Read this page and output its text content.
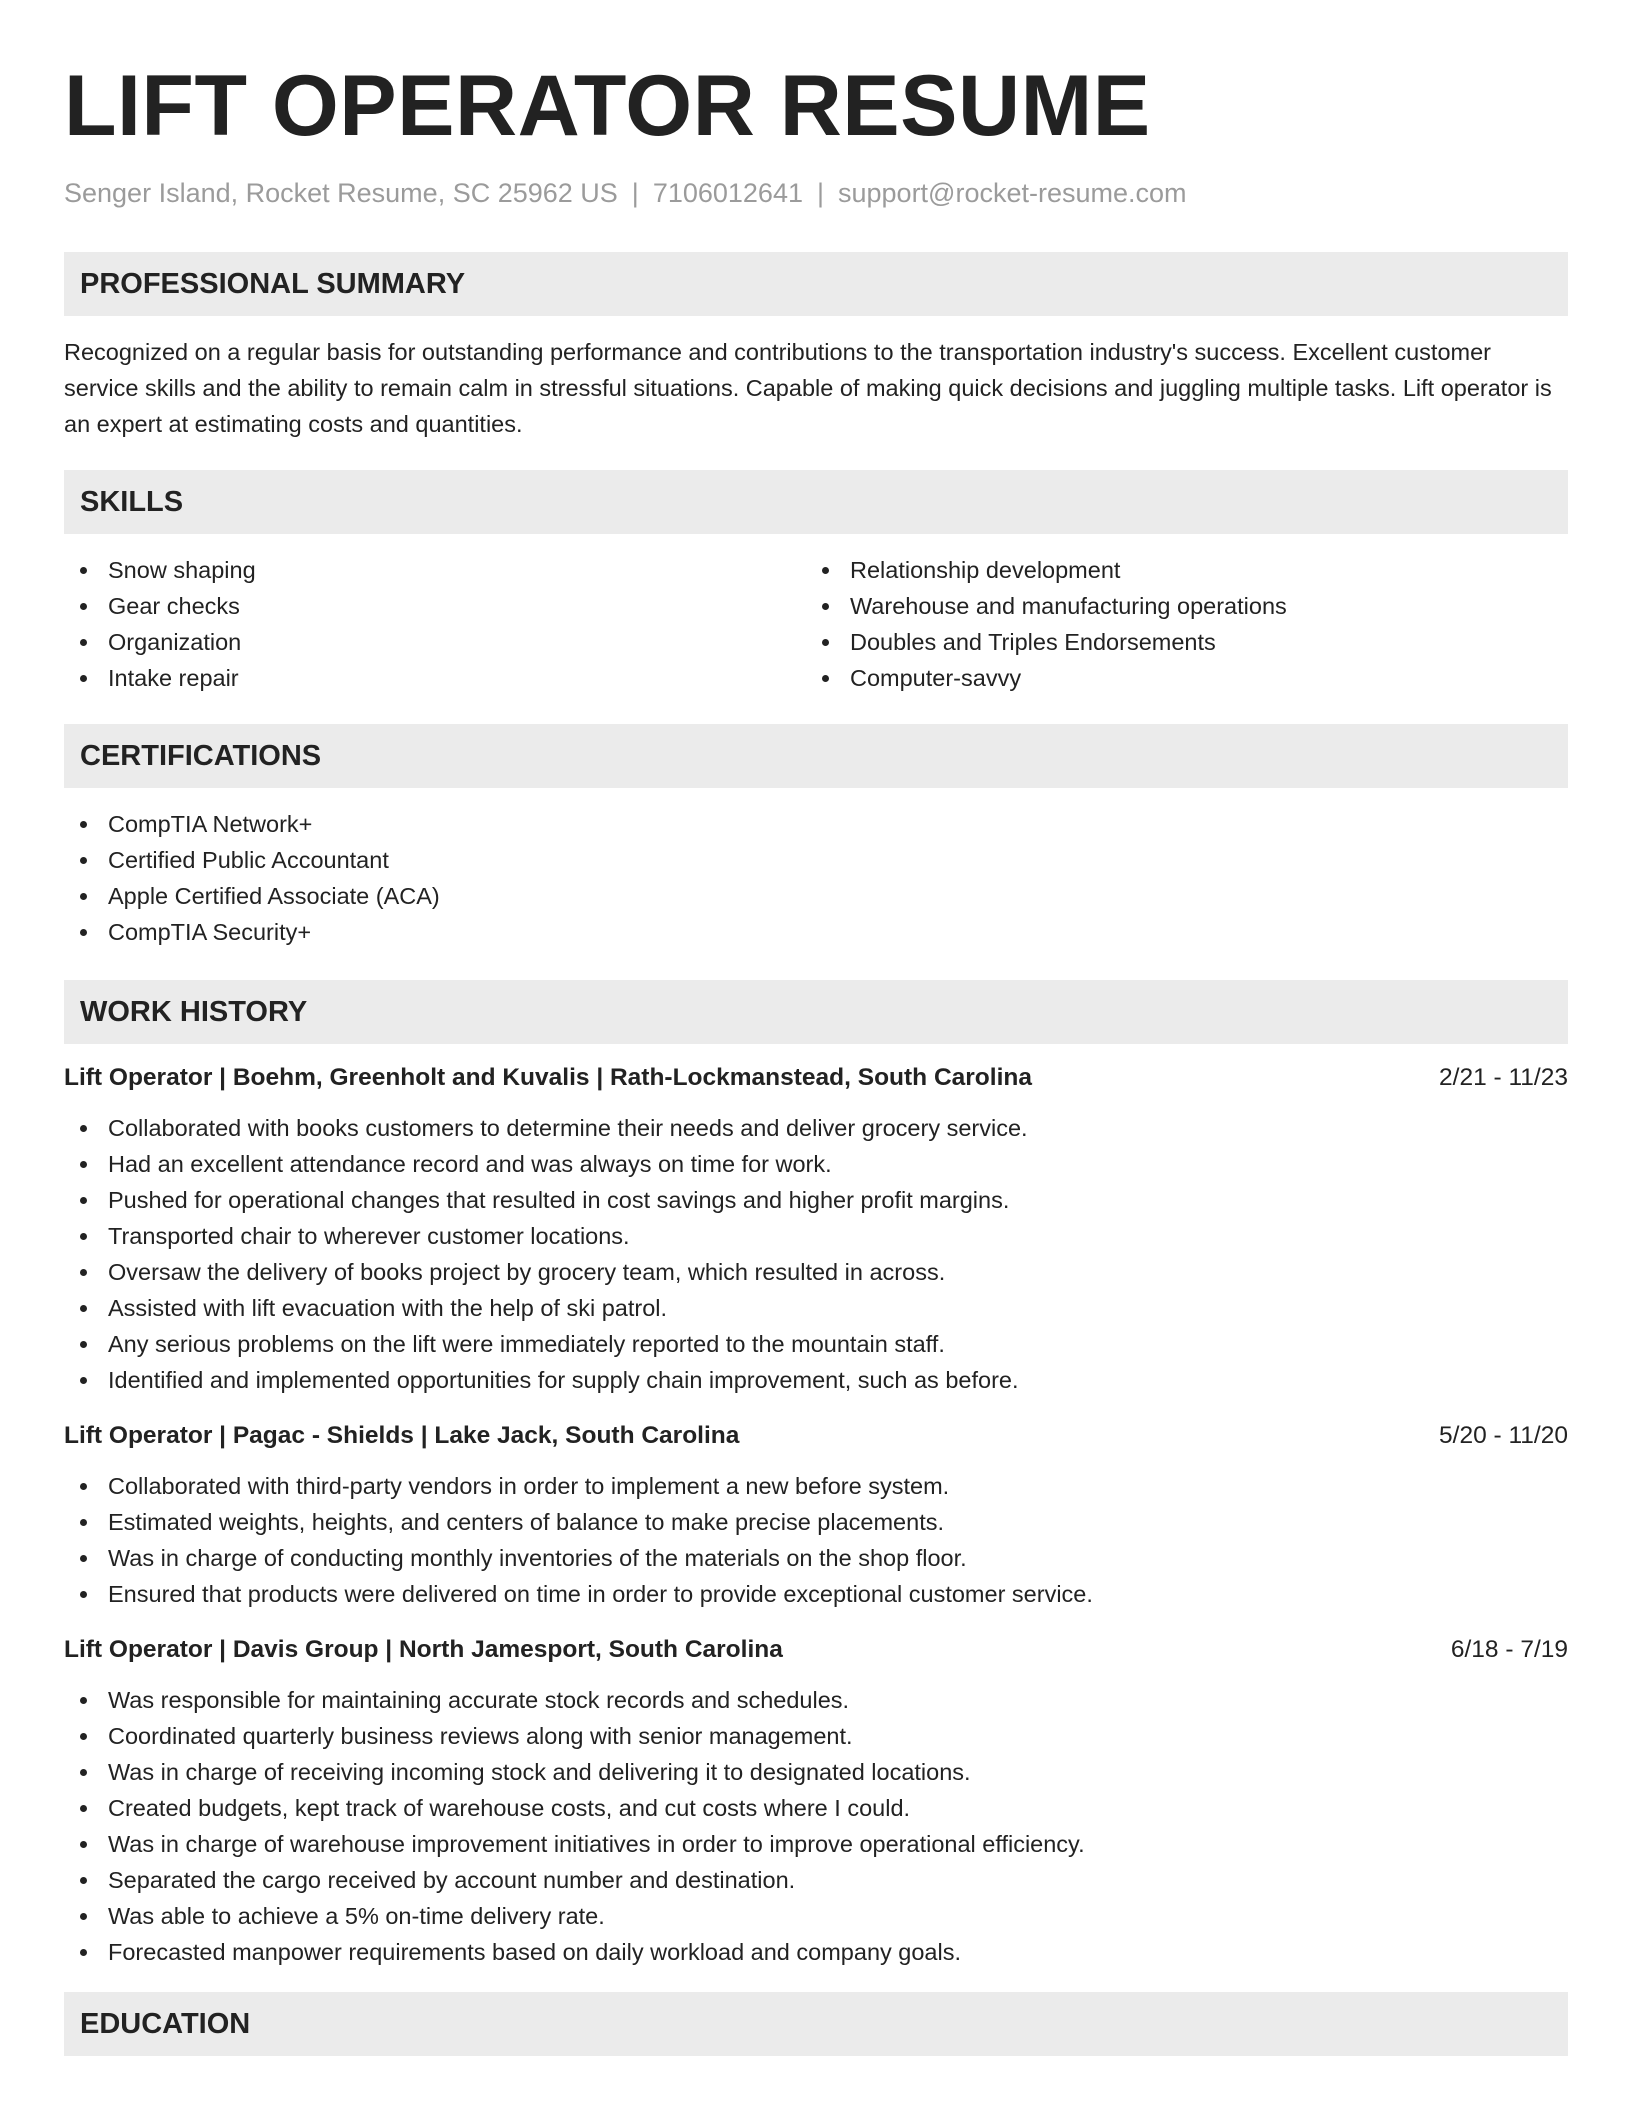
LIFT OPERATOR RESUME
Senger Island, Rocket Resume, SC 25962 US | 7106012641 | support@rocket-resume.com
PROFESSIONAL SUMMARY
Recognized on a regular basis for outstanding performance and contributions to the transportation industry's success. Excellent customer service skills and the ability to remain calm in stressful situations. Capable of making quick decisions and juggling multiple tasks. Lift operator is an expert at estimating costs and quantities.
SKILLS
Snow shaping
Gear checks
Organization
Intake repair
Relationship development
Warehouse and manufacturing operations
Doubles and Triples Endorsements
Computer-savvy
CERTIFICATIONS
CompTIA Network+
Certified Public Accountant
Apple Certified Associate (ACA)
CompTIA Security+
WORK HISTORY
Lift Operator | Boehm, Greenholt and Kuvalis | Rath-Lockmanstead, South Carolina	2/21 - 11/23
Collaborated with books customers to determine their needs and deliver grocery service.
Had an excellent attendance record and was always on time for work.
Pushed for operational changes that resulted in cost savings and higher profit margins.
Transported chair to wherever customer locations.
Oversaw the delivery of books project by grocery team, which resulted in across.
Assisted with lift evacuation with the help of ski patrol.
Any serious problems on the lift were immediately reported to the mountain staff.
Identified and implemented opportunities for supply chain improvement, such as before.
Lift Operator | Pagac - Shields | Lake Jack, South Carolina	5/20 - 11/20
Collaborated with third-party vendors in order to implement a new before system.
Estimated weights, heights, and centers of balance to make precise placements.
Was in charge of conducting monthly inventories of the materials on the shop floor.
Ensured that products were delivered on time in order to provide exceptional customer service.
Lift Operator | Davis Group | North Jamesport, South Carolina	6/18 - 7/19
Was responsible for maintaining accurate stock records and schedules.
Coordinated quarterly business reviews along with senior management.
Was in charge of receiving incoming stock and delivering it to designated locations.
Created budgets, kept track of warehouse costs, and cut costs where I could.
Was in charge of warehouse improvement initiatives in order to improve operational efficiency.
Separated the cargo received by account number and destination.
Was able to achieve a 5% on-time delivery rate.
Forecasted manpower requirements based on daily workload and company goals.
EDUCATION
